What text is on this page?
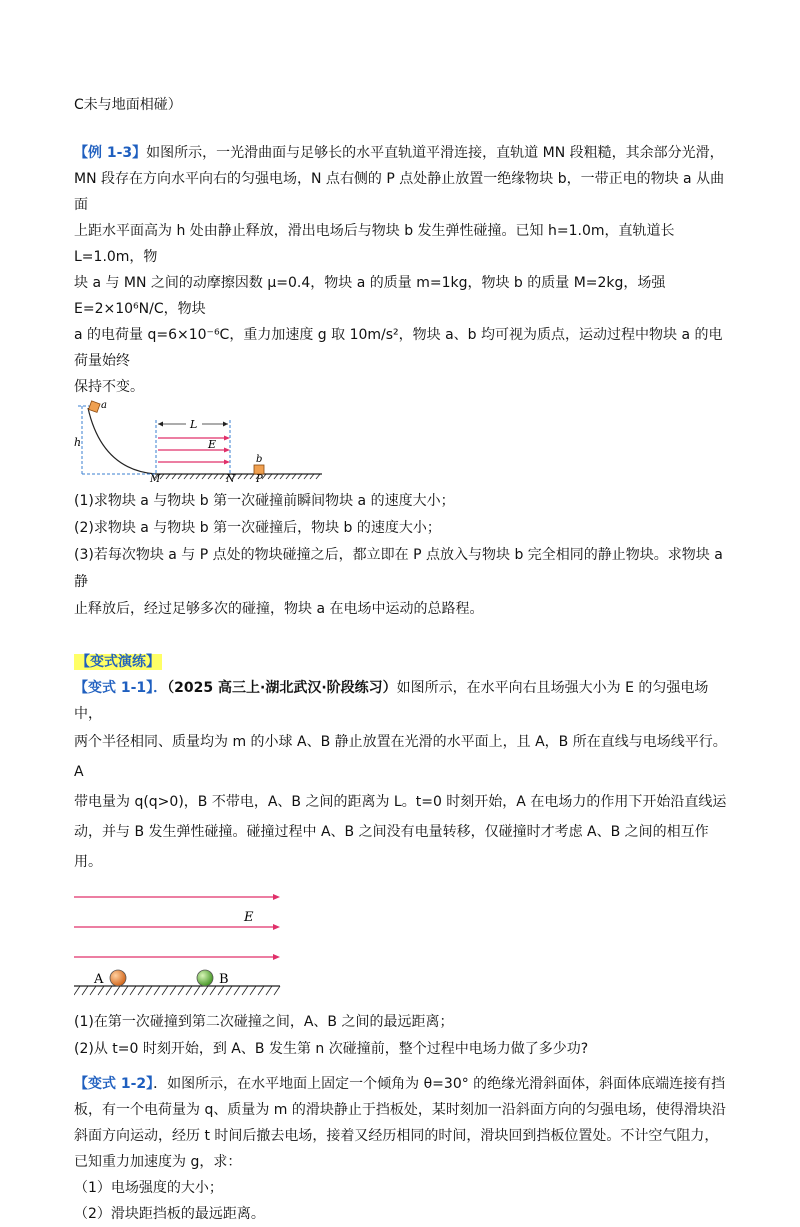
C未与地面相碰）

【例 1-3】如图所示，一光滑曲面与足够长的水平直轨道平滑连接，直轨道 MN 段粗糙，其余部分光滑，

MN 段存在方向水平向右的匀强电场，N 点右侧的 P 点处静止放置一绝缘物块 b，一带正电的物块 a 从曲面

上距水平面高为 h 处由静止释放，滑出电场后与物块 b 发生弹性碰撞。已知 h=1.0m，直轨道长 L=1.0m，物

块 a 与 MN 之间的动摩擦因数 μ=0.4，物块 a 的质量 m=1kg，物块 b 的质量 M=2kg，场强 E=2×10⁶N/C，物块

a 的电荷量 q=6×10⁻⁶C，重力加速度 g 取 10m/s²，物块 a、b 均可视为质点，运动过程中物块 a 的电荷量始终

保持不变。

h
a
L
E
b
M	N P

(1)求物块 a 与物块 b 第一次碰撞前瞬间物块 a 的速度大小；

(2)求物块 a 与物块 b 第一次碰撞后，物块 b 的速度大小；

(3)若每次物块 a 与 P 点处的物块碰撞之后，都立即在 P 点放入与物块 b 完全相同的静止物块。求物块 a 静

止释放后，经过足够多次的碰撞，物块 a 在电场中运动的总路程。

【变式演练】

【变式 1-1】．（2025 高三上·湖北武汉·阶段练习）如图所示，在水平向右且场强大小为 E 的匀强电场中，

两个半径相同、质量均为 m 的小球 A、B 静止放置在光滑的水平面上，且 A，B 所在直线与电场线平行。A

带电量为 q(q>0)，B 不带电，A、B 之间的距离为 L。t=0 时刻开始，A 在电场力的作用下开始沿直线运

动，并与 B 发生弹性碰撞。碰撞过程中 A、B 之间没有电量转移，仅碰撞时才考虑 A、B 之间的相互作用。

E
A	B

(1)在第一次碰撞到第二次碰撞之间，A、B 之间的最远距离；

(2)从 t=0 时刻开始，到 A、B 发生第 n 次碰撞前，整个过程中电场力做了多少功?

【变式 1-2】．如图所示，在水平地面上固定一个倾角为 θ=30° 的绝缘光滑斜面体，斜面体底端连接有挡

板，有一个电荷量为 q、质量为 m 的滑块静止于挡板处，某时刻加一沿斜面方向的匀强电场，使得滑块沿

斜面方向运动，经历 t 时间后撤去电场，接着又经历相同的时间，滑块回到挡板位置处。不计空气阻力，

已知重力加速度为 g，求：

（1）电场强度的大小；

（2）滑块距挡板的最远距离。
